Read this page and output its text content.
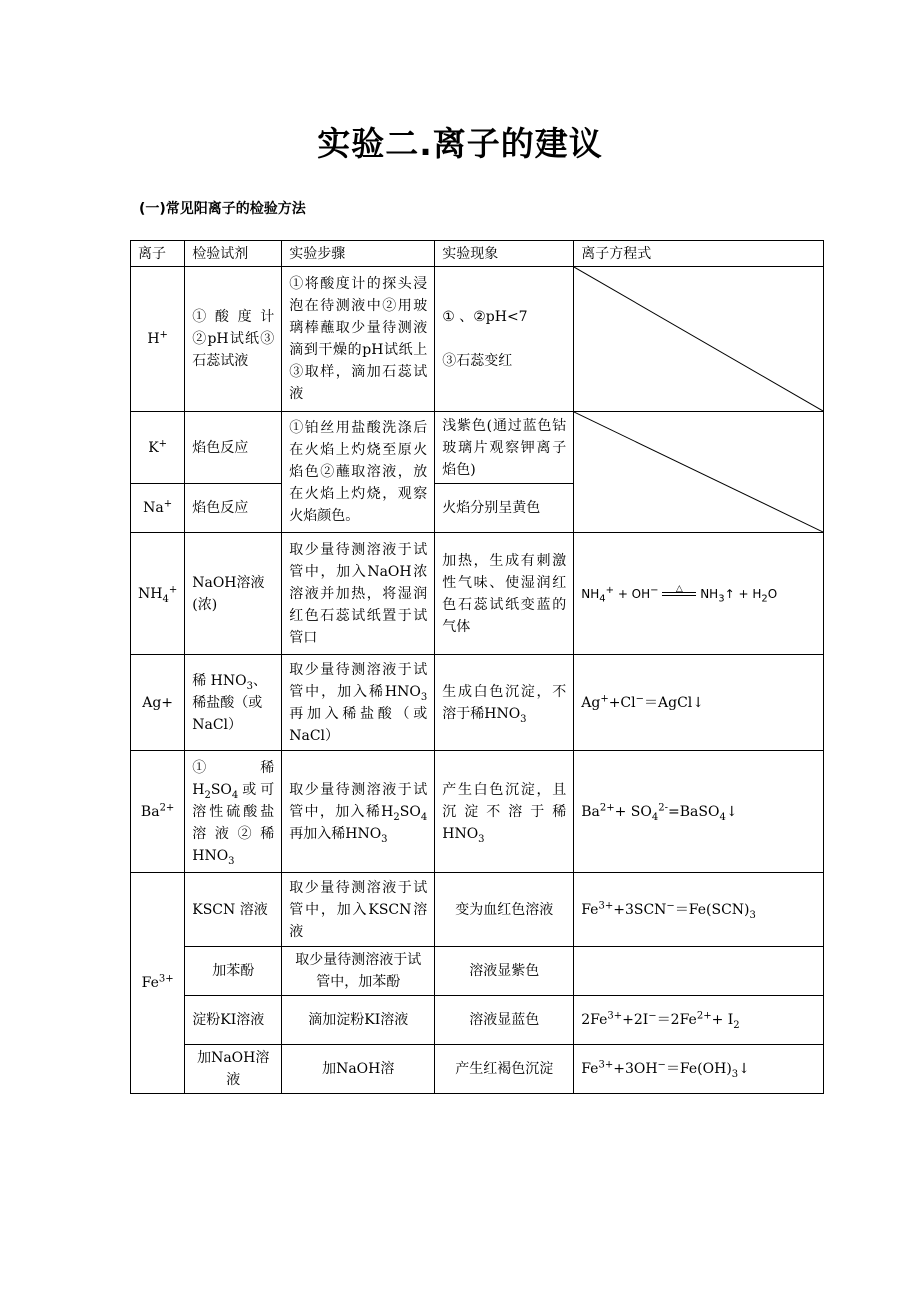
实验二.离子的建议
(一)常见阳离子的检验方法
离子	检验试剂	实验步骤	实验现象	离子方程式
H+	①酸度计②pH试纸③石蕊试液	①将酸度计的探头浸泡在待测液中②用玻璃棒蘸取少量待测液滴到干燥的pH试纸上③取样，滴加石蕊试液	① 、②pH<7
③石蕊变红

K+	焰色反应	①铂丝用盐酸洗涤后在火焰上灼烧至原火焰色②蘸取溶液，放在火焰上灼烧，观察火焰颜色。	浅紫色(通过蓝色钴玻璃片观察钾离子焰色)	

Na+	焰色反应		火焰分别呈黄色	
$NH_4^+$	NaOH溶液(浓)	取少量待测溶液于试管中，加入NaOH浓溶液并加热，将湿润红色石蕊试纸置于试管口	加热，生成有刺激性气味、使湿润红色石蕊试纸变蓝的气体	$NH_4^+ + OH^-$ △ $NH_3↑ + H_2O$
Ag+	稀 $HNO_3$、稀盐酸（或NaCl）	取少量待测溶液于试管中，加入稀$HNO_3$再加入稀盐酸（或NaCl）	生成白色沉淀，不溶于稀$HNO_3$	Ag++Cl−＝AgCl↓
$Ba^{2+}$	① 稀 $H_2SO_4$或可溶性硫酸盐溶液②稀$HNO_3$	取少量待测溶液于试管中，加入稀$H_2SO_4$再加入稀$HNO_3$	产生白色沉淀，且沉淀不溶于稀$HNO_3$	$Ba^{2+}+$ $SO_4^{2-}=BaSO_4↓$
$Fe^{3+}$	KSCN 溶液	取少量待测溶液于试管中，加入KSCN溶液	变为血红色溶液	$Fe^{3+}+3SCN^-=Fe(SCN)_3$
	加苯酚	取少量待测溶液于试管中，加苯酚	溶液显紫色	
	淀粉KI溶液	滴加淀粉KI溶液	溶液显蓝色	$2Fe^{3+}+2I^-=2Fe^{2+}+ I_2$
	加NaOH溶液	加NaOH溶	产生红褐色沉淀	$Fe^{3+}+3OH^-=Fe(OH)_3↓$
